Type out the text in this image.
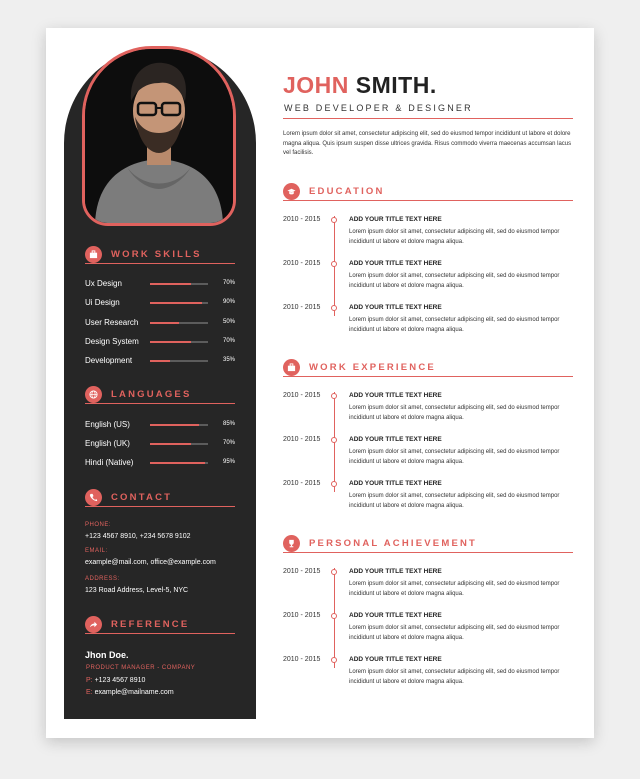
WORK SKILLS
Ux Design	70%
Ui Design	90%
User Research	50%
Design System	70%
Development	35%
LANGUAGES
English (US)	85%
English (UK)	70%
Hindi (Native)	95%
CONTACT
PHONE:
+123 4567 8910, +234 5678 9102
EMAIL:
example@mail.com, office@example.com
ADDRESS:
123 Road Address, Level-5, NYC
REFERENCE
Jhon Doe.
PRODUCT MANAGER - COMPANY
P: +123 4567 8910
E: example@mailname.com
JOHN SMITH.
WEB DEVELOPER & DESIGNER
Lorem ipsum dolor sit amet, consectetur adipiscing elit, sed do eiusmod tempor incididunt ut labore et dolore magna aliqua. Quis ipsum suspen disse ultrices gravida. Risus commodo viverra maecenas accumsan lacus vel facilisis.
EDUCATION
2010 - 2015	ADD YOUR TITLE TEXT HERE
Lorem ipsum dolor sit amet, consectetur adipiscing elit, sed do eiusmod tempor incididunt ut labore et dolore magna aliqua.
2010 - 2015	ADD YOUR TITLE TEXT HERE
Lorem ipsum dolor sit amet, consectetur adipiscing elit, sed do eiusmod tempor incididunt ut labore et dolore magna aliqua.
2010 - 2015	ADD YOUR TITLE TEXT HERE
Lorem ipsum dolor sit amet, consectetur adipiscing elit, sed do eiusmod tempor incididunt ut labore et dolore magna aliqua.
WORK EXPERIENCE
2010 - 2015	ADD YOUR TITLE TEXT HERE
Lorem ipsum dolor sit amet, consectetur adipiscing elit, sed do eiusmod tempor incididunt ut labore et dolore magna aliqua.
2010 - 2015	ADD YOUR TITLE TEXT HERE
Lorem ipsum dolor sit amet, consectetur adipiscing elit, sed do eiusmod tempor incididunt ut labore et dolore magna aliqua.
2010 - 2015	ADD YOUR TITLE TEXT HERE
Lorem ipsum dolor sit amet, consectetur adipiscing elit, sed do eiusmod tempor incididunt ut labore et dolore magna aliqua.
PERSONAL ACHIEVEMENT
2010 - 2015	ADD YOUR TITLE TEXT HERE
Lorem ipsum dolor sit amet, consectetur adipiscing elit, sed do eiusmod tempor incididunt ut labore et dolore magna aliqua.
2010 - 2015	ADD YOUR TITLE TEXT HERE
Lorem ipsum dolor sit amet, consectetur adipiscing elit, sed do eiusmod tempor incididunt ut labore et dolore magna aliqua.
2010 - 2015	ADD YOUR TITLE TEXT HERE
Lorem ipsum dolor sit amet, consectetur adipiscing elit, sed do eiusmod tempor incididunt ut labore et dolore magna aliqua.
